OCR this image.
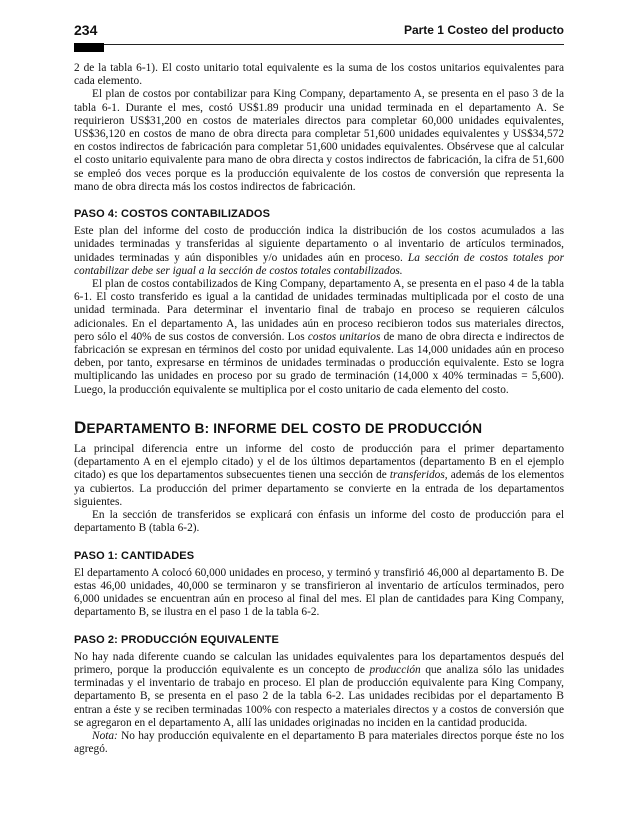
234	Parte 1 Costeo del producto

2 de la tabla 6-1). El costo unitario total equivalente es la suma de los costos unitarios equivalentes para cada elemento.

El plan de costos por contabilizar para King Company, departamento A, se presenta en el paso 3 de la tabla 6-1. Durante el mes, costó US$1.89 producir una unidad terminada en el departamento A. Se requirieron US$31,200 en costos de materiales directos para completar 60,000 unidades equivalentes, US$36,120 en costos de mano de obra directa para completar 51,600 unidades equivalentes y US$34,572 en costos indirectos de fabricación para completar 51,600 unidades equivalentes. Obsérvese que al calcular el costo unitario equivalente para mano de obra directa y costos indirectos de fabricación, la cifra de 51,600 se empleó dos veces porque es la producción equivalente de los costos de conversión que representa la mano de obra directa más los costos indirectos de fabricación.

PASO 4: COSTOS CONTABILIZADOS

Este plan del informe del costo de producción indica la distribución de los costos acumulados a las unidades terminadas y transferidas al siguiente departamento o al inventario de artículos terminados, unidades terminadas y aún disponibles y/o unidades aún en proceso. La sección de costos totales por contabilizar debe ser igual a la sección de costos totales contabilizados.

El plan de costos contabilizados de King Company, departamento A, se presenta en el paso 4 de la tabla 6-1. El costo transferido es igual a la cantidad de unidades terminadas multiplicada por el costo de una unidad terminada. Para determinar el inventario final de trabajo en proceso se requieren cálculos adicionales. En el departamento A, las unidades aún en proceso recibieron todos sus materiales directos, pero sólo el 40% de sus costos de conversión. Los costos unitarios de mano de obra directa e indirectos de fabricación se expresan en términos del costo por unidad equivalente. Las 14,000 unidades aún en proceso deben, por tanto, expresarse en términos de unidades terminadas o producción equivalente. Esto se logra multiplicando las unidades en proceso por su grado de terminación (14,000 x 40% terminadas = 5,600). Luego, la producción equivalente se multiplica por el costo unitario de cada elemento del costo.

DEPARTAMENTO B: INFORME DEL COSTO DE PRODUCCIÓN

La principal diferencia entre un informe del costo de producción para el primer departamento (departamento A en el ejemplo citado) y el de los últimos departamentos (departamento B en el ejemplo citado) es que los departamentos subsecuentes tienen una sección de transferidos, además de los elementos ya cubiertos. La producción del primer departamento se convierte en la entrada de los departamentos siguientes.

En la sección de transferidos se explicará con énfasis un informe del costo de producción para el departamento B (tabla 6-2).

PASO 1: CANTIDADES

El departamento A colocó 60,000 unidades en proceso, y terminó y transfirió 46,000 al departamento B. De estas 46,00 unidades, 40,000 se terminaron y se transfirieron al inventario de artículos terminados, pero 6,000 unidades se encuentran aún en proceso al final del mes. El plan de cantidades para King Company, departamento B, se ilustra en el paso 1 de la tabla 6-2.

PASO 2: PRODUCCIÓN EQUIVALENTE

No hay nada diferente cuando se calculan las unidades equivalentes para los departamentos después del primero, porque la producción equivalente es un concepto de producción que analiza sólo las unidades terminadas y el inventario de trabajo en proceso. El plan de producción equivalente para King Company, departamento B, se presenta en el paso 2 de la tabla 6-2. Las unidades recibidas por el departamento B entran a éste y se reciben terminadas 100% con respecto a materiales directos y a costos de conversión que se agregaron en el departamento A, allí las unidades originadas no inciden en la cantidad producida.

Nota: No hay producción equivalente en el departamento B para materiales directos porque éste no los agregó.
